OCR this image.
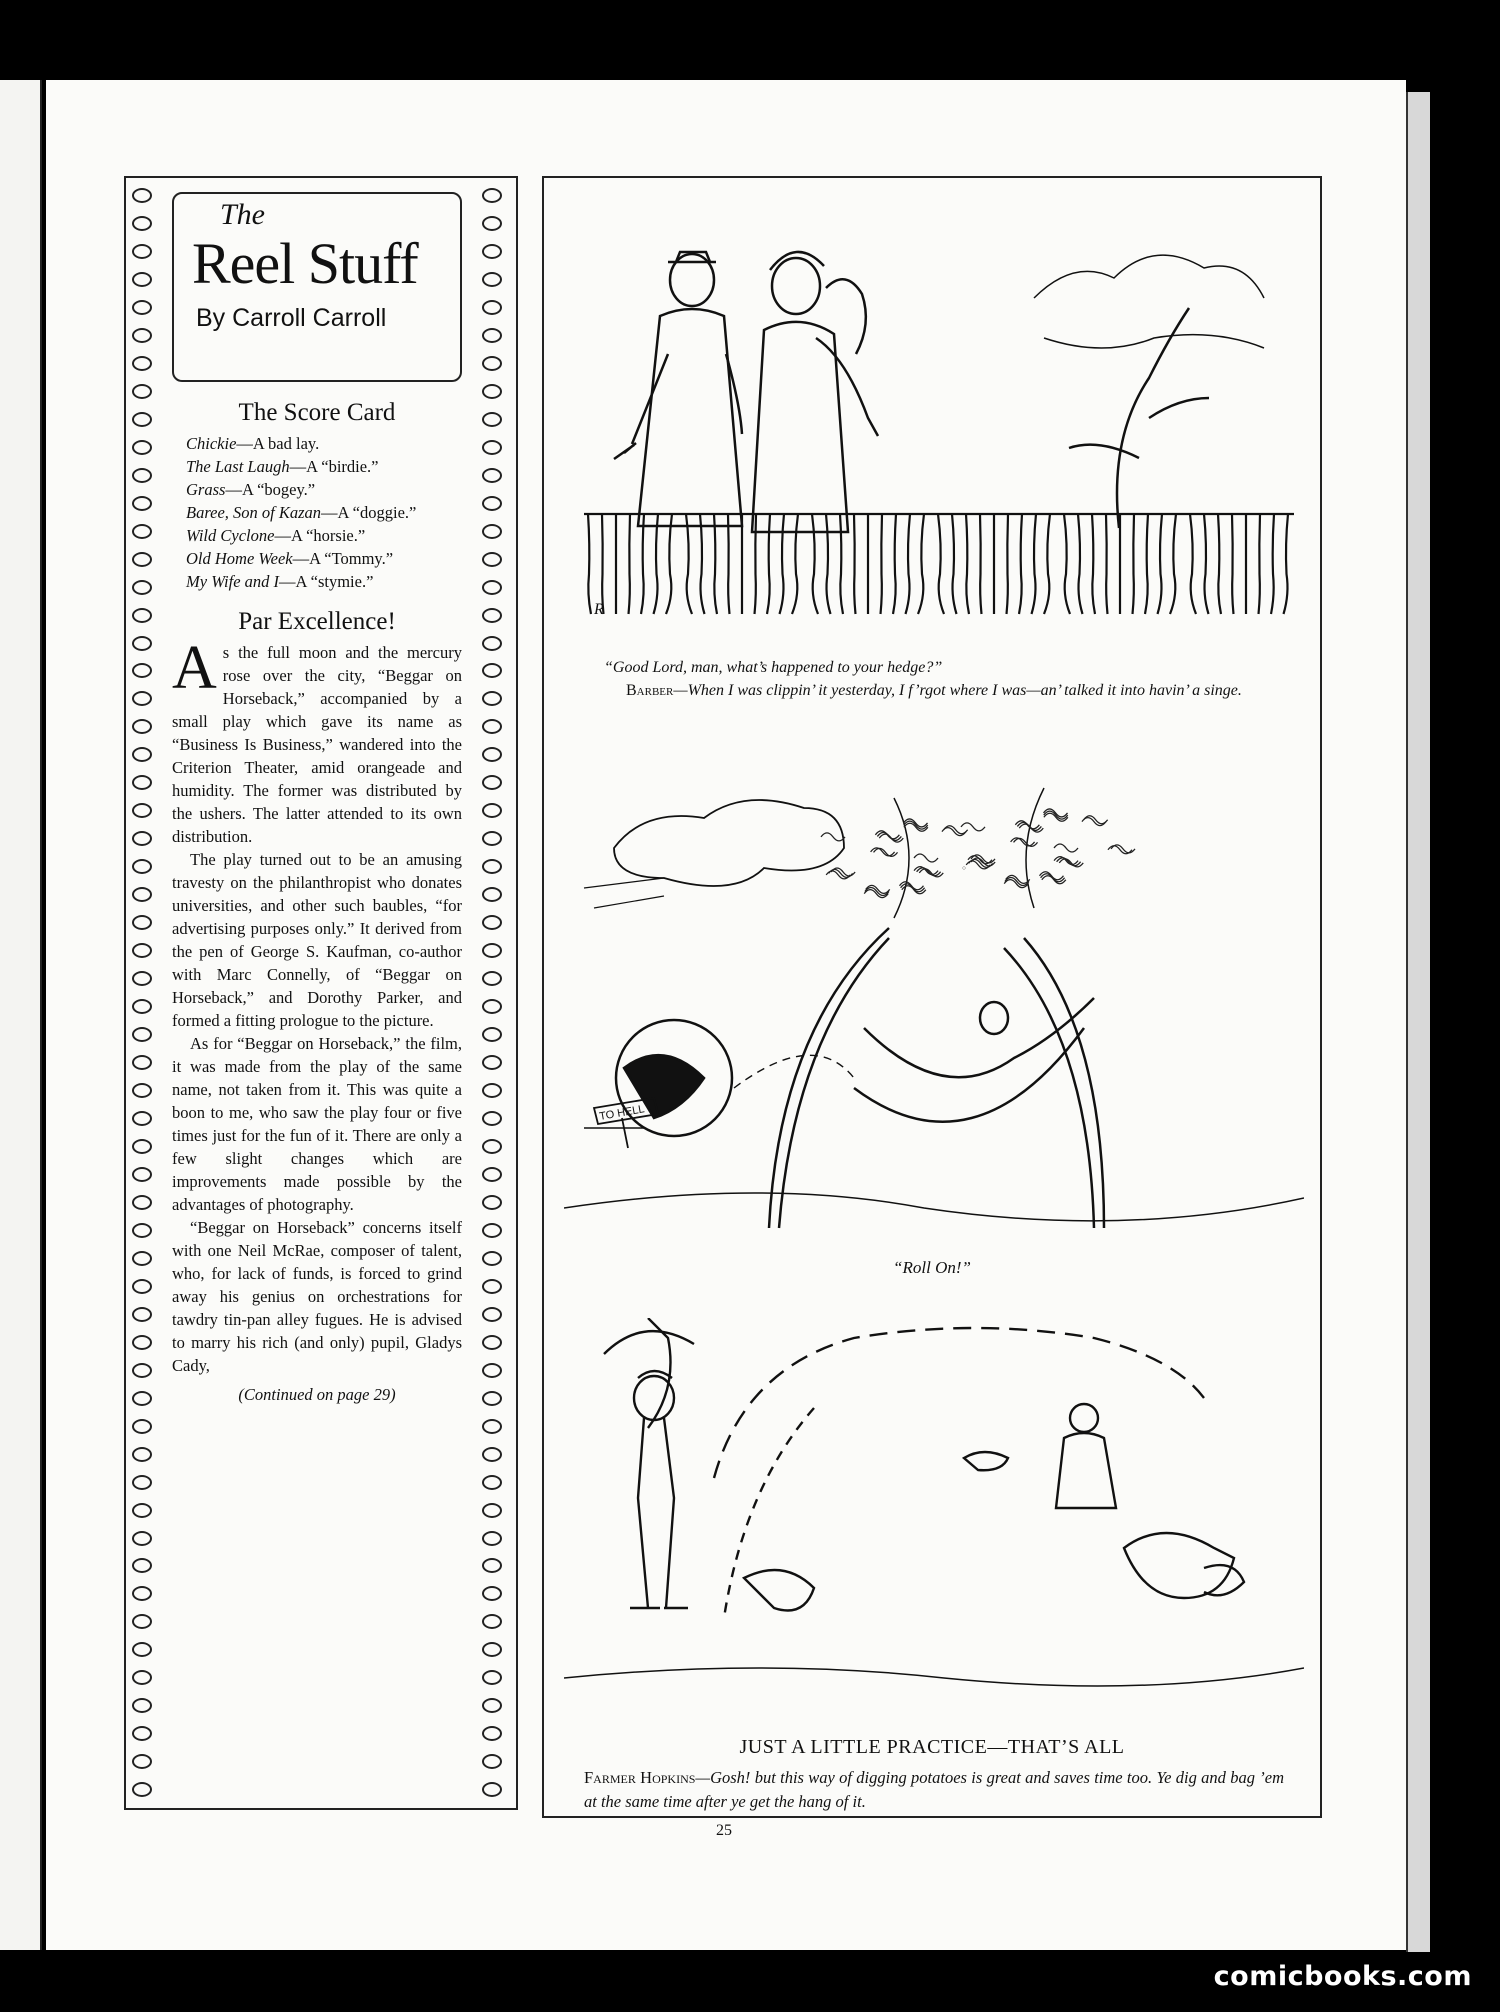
The
Reel Stuff
By Carroll Carroll
The Score Card

Chickie—A bad lay.

The Last Laugh—A “birdie.”

Grass—A “bogey.”

Baree, Son of Kazan—A “doggie.”

Wild Cyclone—A “horsie.”

Old Home Week—A “Tommy.”

My Wife and I—A “stymie.”

Par Excellence!

As the full moon and the mercury rose over the city, “Beggar on Horseback,” accompanied by a small play which gave its name as “Business Is Business,” wandered into the Criterion Theater, amid orangeade and humidity. The former was distributed by the ushers. The latter attended to its own distribution.

The play turned out to be an amusing travesty on the philanthropist who donates universities, and other such baubles, “for advertising purposes only.” It derived from the pen of George S. Kaufman, co-author with Marc Connelly, of “Beggar on Horseback,” and Dorothy Parker, and formed a fitting prologue to the picture.

As for “Beggar on Horseback,” the film, it was made from the play of the same name, not taken from it. This was quite a boon to me, who saw the play four or five times just for the fun of it. There are only a few slight changes which are improvements made possible by the advantages of photography.

“Beggar on Horseback” concerns itself with one Neil McRae, composer of talent, who, for lack of funds, is forced to grind away his genius on orchestrations for tawdry tin-pan alley fugues. He is advised to marry his rich (and only) pupil, Gladys Cady,

(Continued on page 29)
R
“Good Lord, man, what’s happened to your hedge?”
Barber—When I was clippin’ it yesterday, I f’rgot where I was—an’ talked it into havin’ a singe.
TO HELL
“Roll On!”
JUST A LITTLE PRACTICE—THAT’S ALL
Farmer Hopkins—Gosh! but this way of digging potatoes is great and saves time too. Ye dig and bag ’em at the same time after ye get the hang of it.
25
comicbooks.com
